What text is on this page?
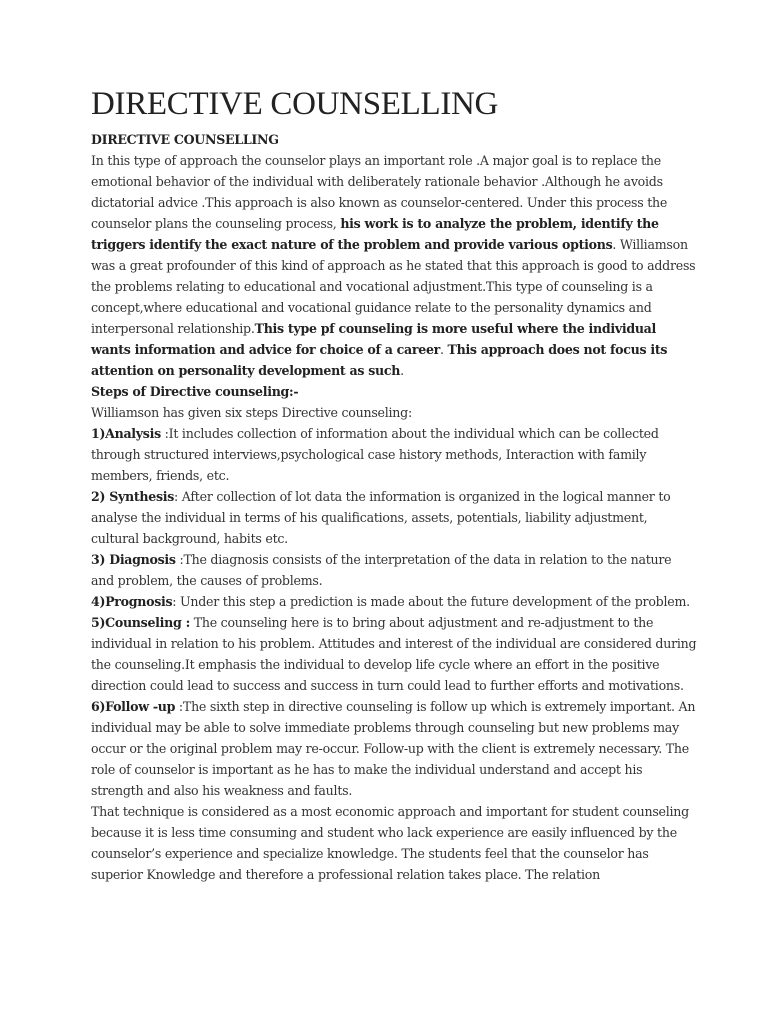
DIRECTIVE COUNSELLING

DIRECTIVE COUNSELLING
In this type of approach the counselor plays an important role .A major goal is to replace the emotional behavior of the individual with deliberately rationale behavior .Although he avoids dictatorial advice .This approach is also known as counselor-centered. Under this process the counselor plans the counseling process, his work is to analyze the problem, identify the triggers identify the exact nature of the problem and provide various options. Williamson was a great profounder of this kind of approach as he stated that this approach is good to address the problems relating to educational and vocational adjustment.This type of counseling is a concept,where educational and vocational guidance relate to the personality dynamics and interpersonal relationship.This type pf counseling is more useful where the individual wants information and advice for choice of a career. This approach does not focus its attention on personality development as such.

Steps of Directive counseling:-

Williamson has given six steps Directive counseling:

1)Analysis :It includes collection of information about the individual which can be collected through structured interviews,psychological case history methods, Interaction with family members, friends, etc.

2) Synthesis: After collection of lot data the information is organized in the logical manner to analyse the individual in terms of his qualifications, assets, potentials, liability adjustment, cultural background, habits etc.

3) Diagnosis :The diagnosis consists of the interpretation of the data in relation to the nature and problem, the causes of problems.

4)Prognosis: Under this step a prediction is made about the future development of the problem.

5)Counseling : The counseling here is to bring about adjustment and re-adjustment to the individual in relation to his problem. Attitudes and interest of the individual are considered during the counseling.It emphasis the individual to develop life cycle where an effort in the positive direction could lead to success and success in turn could lead to further efforts and motivations.

6)Follow -up :The sixth step in directive counseling is follow up which is extremely important. An individual may be able to solve immediate problems through counseling but new problems may occur or the original problem may re-occur. Follow-up with the client is extremely necessary. The role of counselor is important as he has to make the individual understand and accept his strength and also his weakness and faults.

That technique is considered as a most economic approach and important for student counseling because it is less time consuming and student who lack experience are easily influenced by the counselor’s experience and specialize knowledge. The students feel that the counselor has superior Knowledge and therefore a professional relation takes place. The relation
